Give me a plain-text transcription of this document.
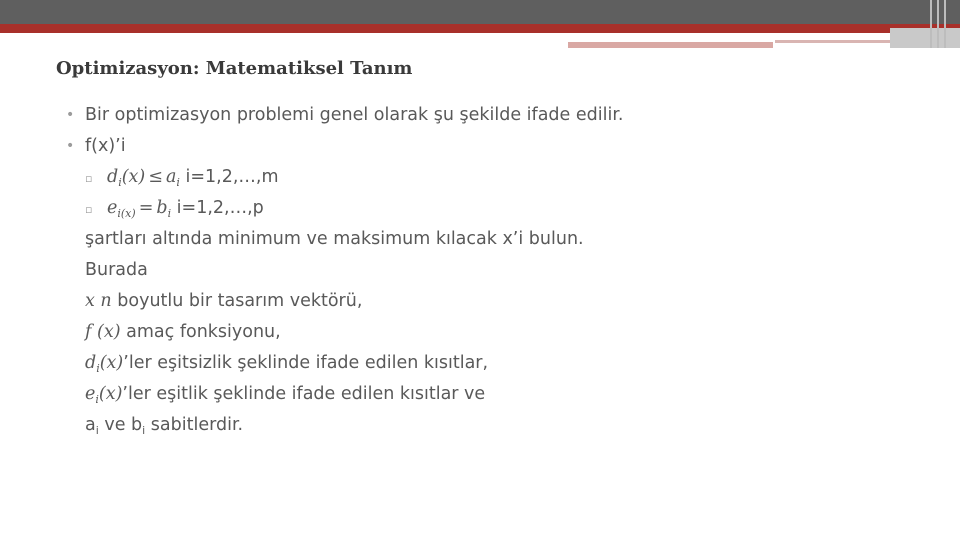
Optimizasyon: Matematiksel Tanım
• Bir optimizasyon problemi genel olarak şu şekilde ifade edilir.
• f(x)’i
▫ $d_i(x) \le a_i$ i=1,2,…,m
▫ $e_{i(x)} = b_i$ i=1,2,…,p
şartları altında minimum ve maksimum kılacak x’i bulun.
Burada
x n boyutlu bir tasarım vektörü,
f (x) amaç fonksiyonu,
$d_i(x)’ler$ eşitsizlik şeklinde ifade edilen kısıtlar,
$e_i(x)’ler$ eşitlik şeklinde ifade edilen kısıtlar ve
$a_i$ ve $b_i$ sabitlerdir.
